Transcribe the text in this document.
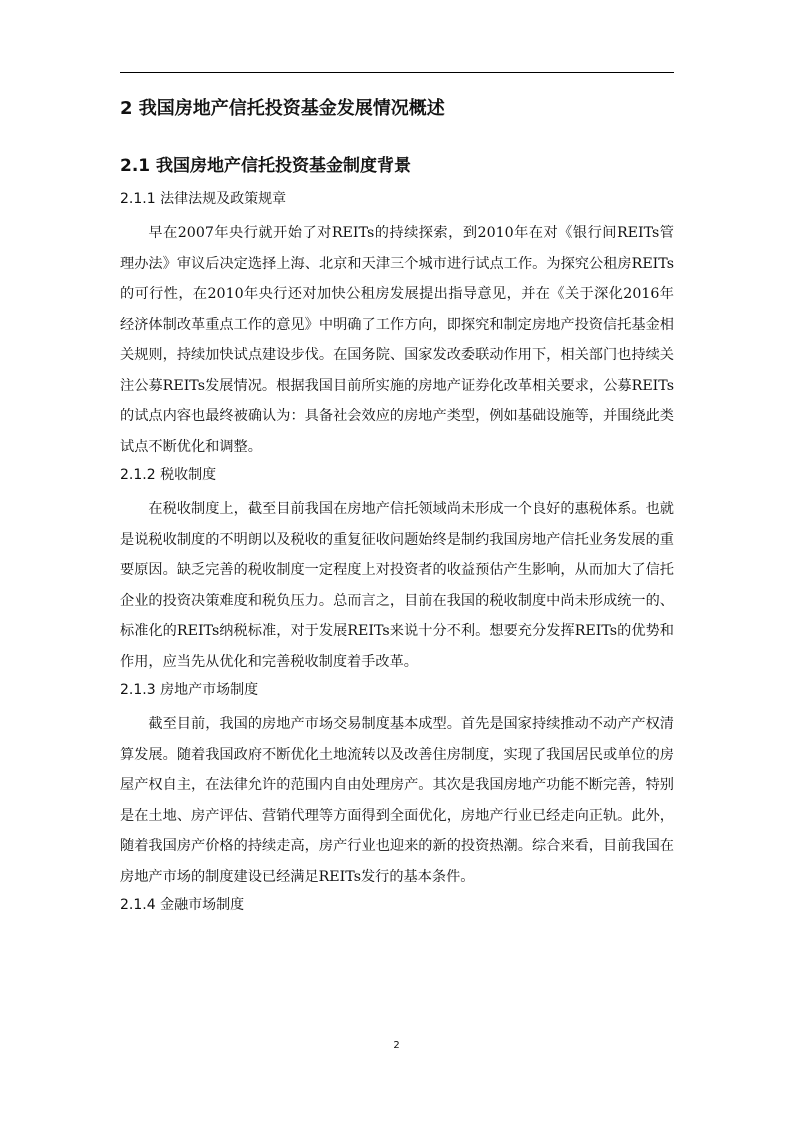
2 我国房地产信托投资基金发展情况概述
2.1 我国房地产信托投资基金制度背景
2.1.1 法律法规及政策规章

早在2007年央行就开始了对REITs的持续探索，到2010年在对《银行间REITs管理办法》审议后决定选择上海、北京和天津三个城市进行试点工作。为探究公租房REITs的可行性，在2010年央行还对加快公租房发展提出指导意见，并在《关于深化2016年经济体制改革重点工作的意见》中明确了工作方向，即探究和制定房地产投资信托基金相关规则，持续加快试点建设步伐。在国务院、国家发改委联动作用下，相关部门也持续关注公募REITs发展情况。根据我国目前所实施的房地产证券化改革相关要求，公募REITs的试点内容也最终被确认为：具备社会效应的房地产类型，例如基础设施等，并围绕此类试点不断优化和调整。

2.1.2 税收制度

在税收制度上，截至目前我国在房地产信托领域尚未形成一个良好的惠税体系。也就是说税收制度的不明朗以及税收的重复征收问题始终是制约我国房地产信托业务发展的重要原因。缺乏完善的税收制度一定程度上对投资者的收益预估产生影响，从而加大了信托企业的投资决策难度和税负压力。总而言之，目前在我国的税收制度中尚未形成统一的、标准化的REITs纳税标准，对于发展REITs来说十分不利。想要充分发挥REITs的优势和作用，应当先从优化和完善税收制度着手改革。

2.1.3 房地产市场制度

截至目前，我国的房地产市场交易制度基本成型。首先是国家持续推动不动产产权清算发展。随着我国政府不断优化土地流转以及改善住房制度，实现了我国居民或单位的房屋产权自主，在法律允许的范围内自由处理房产。其次是我国房地产功能不断完善，特别是在土地、房产评估、营销代理等方面得到全面优化，房地产行业已经走向正轨。此外，随着我国房产价格的持续走高，房产行业也迎来的新的投资热潮。综合来看，目前我国在房地产市场的制度建设已经满足REITs发行的基本条件。

2.1.4 金融市场制度
2
